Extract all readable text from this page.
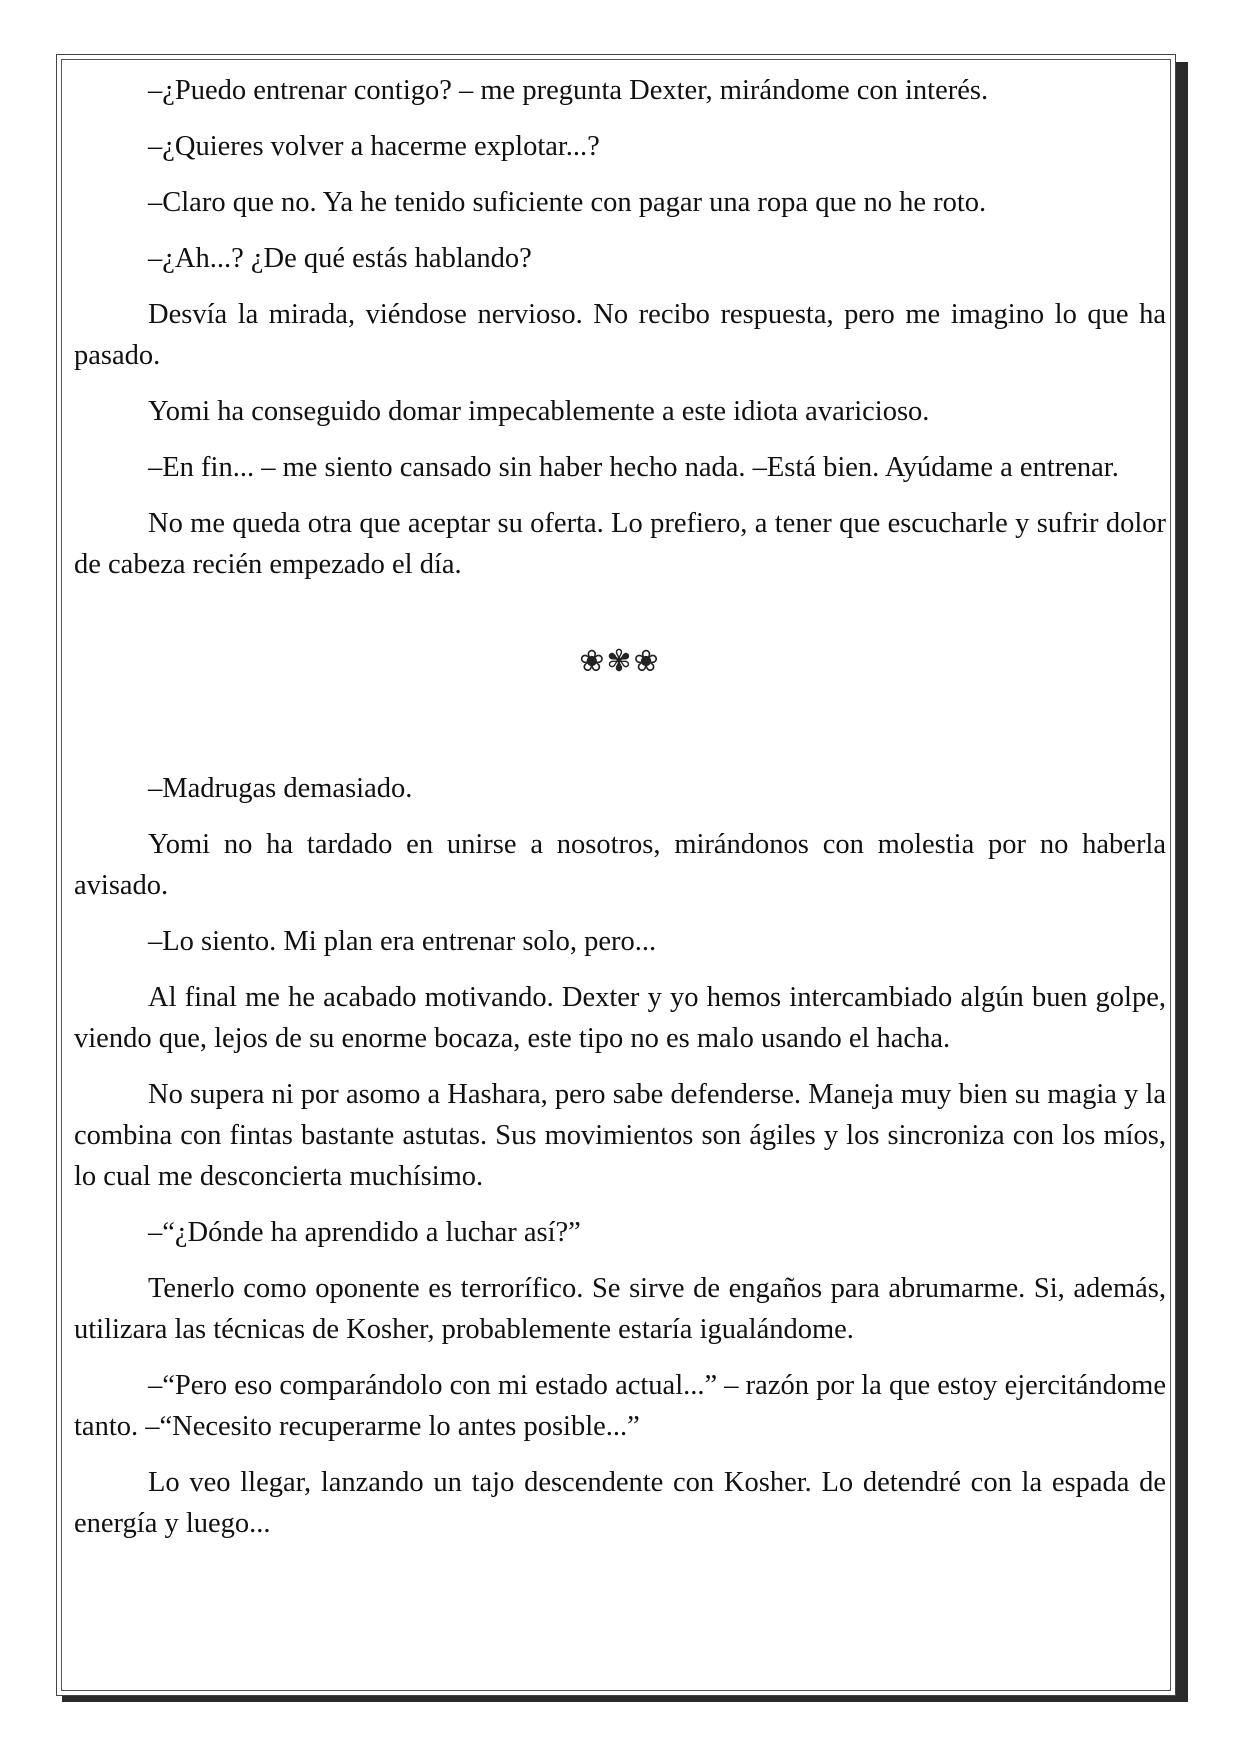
–¿Puedo entrenar contigo? – me pregunta Dexter, mirándome con interés.

–¿Quieres volver a hacerme explotar...?

–Claro que no. Ya he tenido suficiente con pagar una ropa que no he roto.

–¿Ah...? ¿De qué estás hablando?

Desvía la mirada, viéndose nervioso. No recibo respuesta, pero me imagino lo que ha pasado.

Yomi ha conseguido domar impecablemente a este idiota avaricioso.

–En fin... – me siento cansado sin haber hecho nada. –Está bien. Ayúdame a entrenar.

No me queda otra que aceptar su oferta. Lo prefiero, a tener que escucharle y sufrir dolor de cabeza recién empezado el día.

❀✾❀

–Madrugas demasiado.

Yomi no ha tardado en unirse a nosotros, mirándonos con molestia por no haberla avisado.

–Lo siento. Mi plan era entrenar solo, pero...

Al final me he acabado motivando. Dexter y yo hemos intercambiado algún buen golpe, viendo que, lejos de su enorme bocaza, este tipo no es malo usando el hacha.

No supera ni por asomo a Hashara, pero sabe defenderse. Maneja muy bien su magia y la combina con fintas bastante astutas. Sus movimientos son ágiles y los sincroniza con los míos, lo cual me desconcierta muchísimo.

–“¿Dónde ha aprendido a luchar así?”

Tenerlo como oponente es terrorífico. Se sirve de engaños para abrumarme. Si, además, utilizara las técnicas de Kosher, probablemente estaría igualándome.

–“Pero eso comparándolo con mi estado actual...” – razón por la que estoy ejercitándome tanto. –“Necesito recuperarme lo antes posible...”

Lo veo llegar, lanzando un tajo descendente con Kosher. Lo detendré con la espada de energía y luego...
